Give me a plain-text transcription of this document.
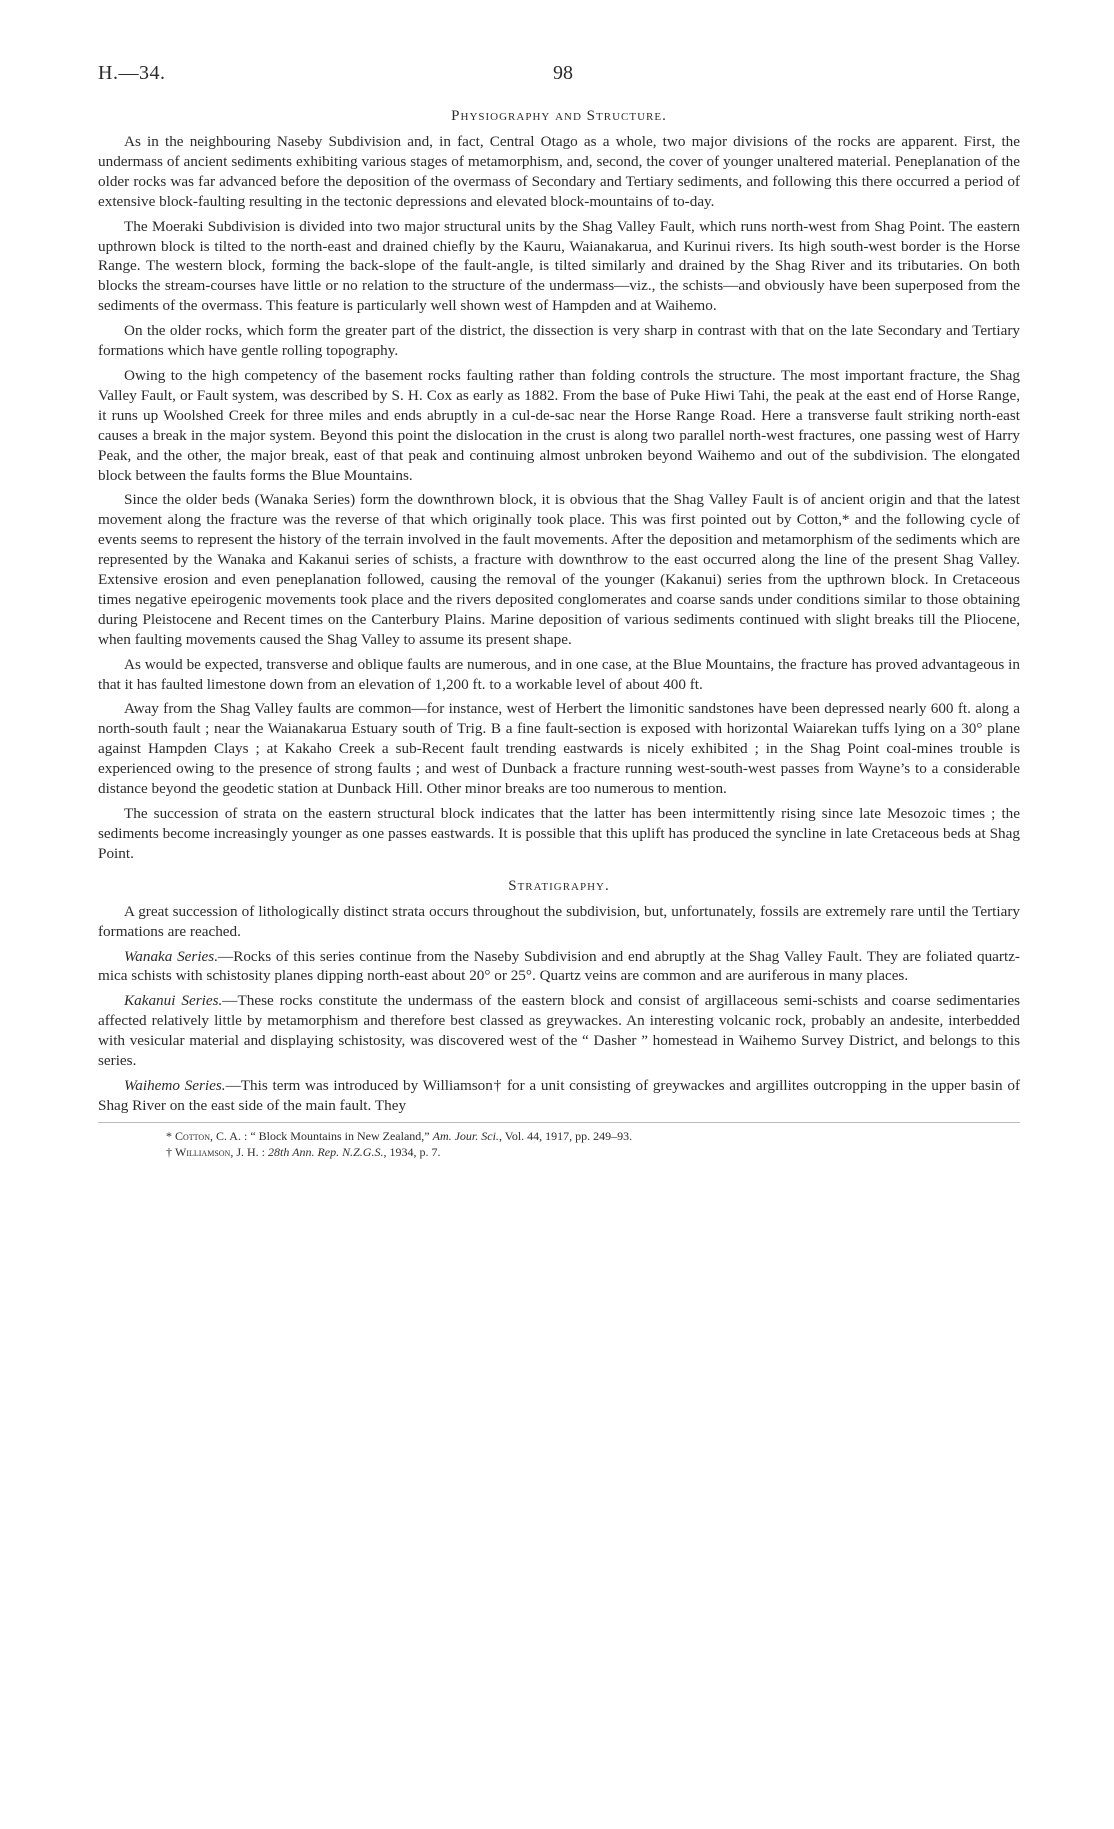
H.—34.	98
Physiography and Structure.

As in the neighbouring Naseby Subdivision and, in fact, Central Otago as a whole, two major divisions of the rocks are apparent. First, the undermass of ancient sediments exhibiting various stages of metamorphism, and, second, the cover of younger unaltered material. Peneplanation of the older rocks was far advanced before the deposition of the overmass of Secondary and Tertiary sediments, and following this there occurred a period of extensive block-faulting resulting in the tectonic depressions and elevated block-mountains of to-day.

The Moeraki Subdivision is divided into two major structural units by the Shag Valley Fault, which runs north-west from Shag Point. The eastern upthrown block is tilted to the north-east and drained chiefly by the Kauru, Waianakarua, and Kurinui rivers. Its high south-west border is the Horse Range. The western block, forming the back-slope of the fault-angle, is tilted similarly and drained by the Shag River and its tributaries. On both blocks the stream-courses have little or no relation to the structure of the undermass—viz., the schists—and obviously have been superposed from the sediments of the overmass. This feature is particularly well shown west of Hampden and at Waihemo.

On the older rocks, which form the greater part of the district, the dissection is very sharp in contrast with that on the late Secondary and Tertiary formations which have gentle rolling topography.

Owing to the high competency of the basement rocks faulting rather than folding controls the structure. The most important fracture, the Shag Valley Fault, or Fault system, was described by S. H. Cox as early as 1882. From the base of Puke Hiwi Tahi, the peak at the east end of Horse Range, it runs up Woolshed Creek for three miles and ends abruptly in a cul-de-sac near the Horse Range Road. Here a transverse fault striking north-east causes a break in the major system. Beyond this point the dislocation in the crust is along two parallel north-west fractures, one passing west of Harry Peak, and the other, the major break, east of that peak and continuing almost unbroken beyond Waihemo and out of the subdivision. The elongated block between the faults forms the Blue Mountains.

Since the older beds (Wanaka Series) form the downthrown block, it is obvious that the Shag Valley Fault is of ancient origin and that the latest movement along the fracture was the reverse of that which originally took place. This was first pointed out by Cotton,* and the following cycle of events seems to represent the history of the terrain involved in the fault movements. After the deposition and metamorphism of the sediments which are represented by the Wanaka and Kakanui series of schists, a fracture with downthrow to the east occurred along the line of the present Shag Valley. Extensive erosion and even peneplanation followed, causing the removal of the younger (Kakanui) series from the upthrown block. In Cretaceous times negative epeirogenic movements took place and the rivers deposited conglomerates and coarse sands under conditions similar to those obtaining during Pleistocene and Recent times on the Canterbury Plains. Marine deposition of various sediments continued with slight breaks till the Pliocene, when faulting movements caused the Shag Valley to assume its present shape.

As would be expected, transverse and oblique faults are numerous, and in one case, at the Blue Mountains, the fracture has proved advantageous in that it has faulted limestone down from an elevation of 1,200 ft. to a workable level of about 400 ft.

Away from the Shag Valley faults are common—for instance, west of Herbert the limonitic sandstones have been depressed nearly 600 ft. along a north-south fault ; near the Waianakarua Estuary south of Trig. B a fine fault-section is exposed with horizontal Waiarekan tuffs lying on a 30° plane against Hampden Clays ; at Kakaho Creek a sub-Recent fault trending eastwards is nicely exhibited ; in the Shag Point coal-mines trouble is experienced owing to the presence of strong faults ; and west of Dunback a fracture running west-south-west passes from Wayne’s to a considerable distance beyond the geodetic station at Dunback Hill. Other minor breaks are too numerous to mention.

The succession of strata on the eastern structural block indicates that the latter has been intermittently rising since late Mesozoic times ; the sediments become increasingly younger as one passes eastwards. It is possible that this uplift has produced the syncline in late Cretaceous beds at Shag Point.

Stratigraphy.

A great succession of lithologically distinct strata occurs throughout the subdivision, but, unfortunately, fossils are extremely rare until the Tertiary formations are reached.

Wanaka Series.—Rocks of this series continue from the Naseby Subdivision and end abruptly at the Shag Valley Fault. They are foliated quartz-mica schists with schistosity planes dipping north-east about 20° or 25°. Quartz veins are common and are auriferous in many places.

Kakanui Series.—These rocks constitute the undermass of the eastern block and consist of argillaceous semi-schists and coarse sedimentaries affected relatively little by metamorphism and therefore best classed as greywackes. An interesting volcanic rock, probably an andesite, interbedded with vesicular material and displaying schistosity, was discovered west of the “ Dasher ” homestead in Waihemo Survey District, and belongs to this series.

Waihemo Series.—This term was introduced by Williamson† for a unit consisting of greywackes and argillites outcropping in the upper basin of Shag River on the east side of the main fault. They

* Cotton, C. A. : “ Block Mountains in New Zealand,” Am. Jour. Sci., Vol. 44, 1917, pp. 249–93.
† Williamson, J. H. : 28th Ann. Rep. N.Z.G.S., 1934, p. 7.
